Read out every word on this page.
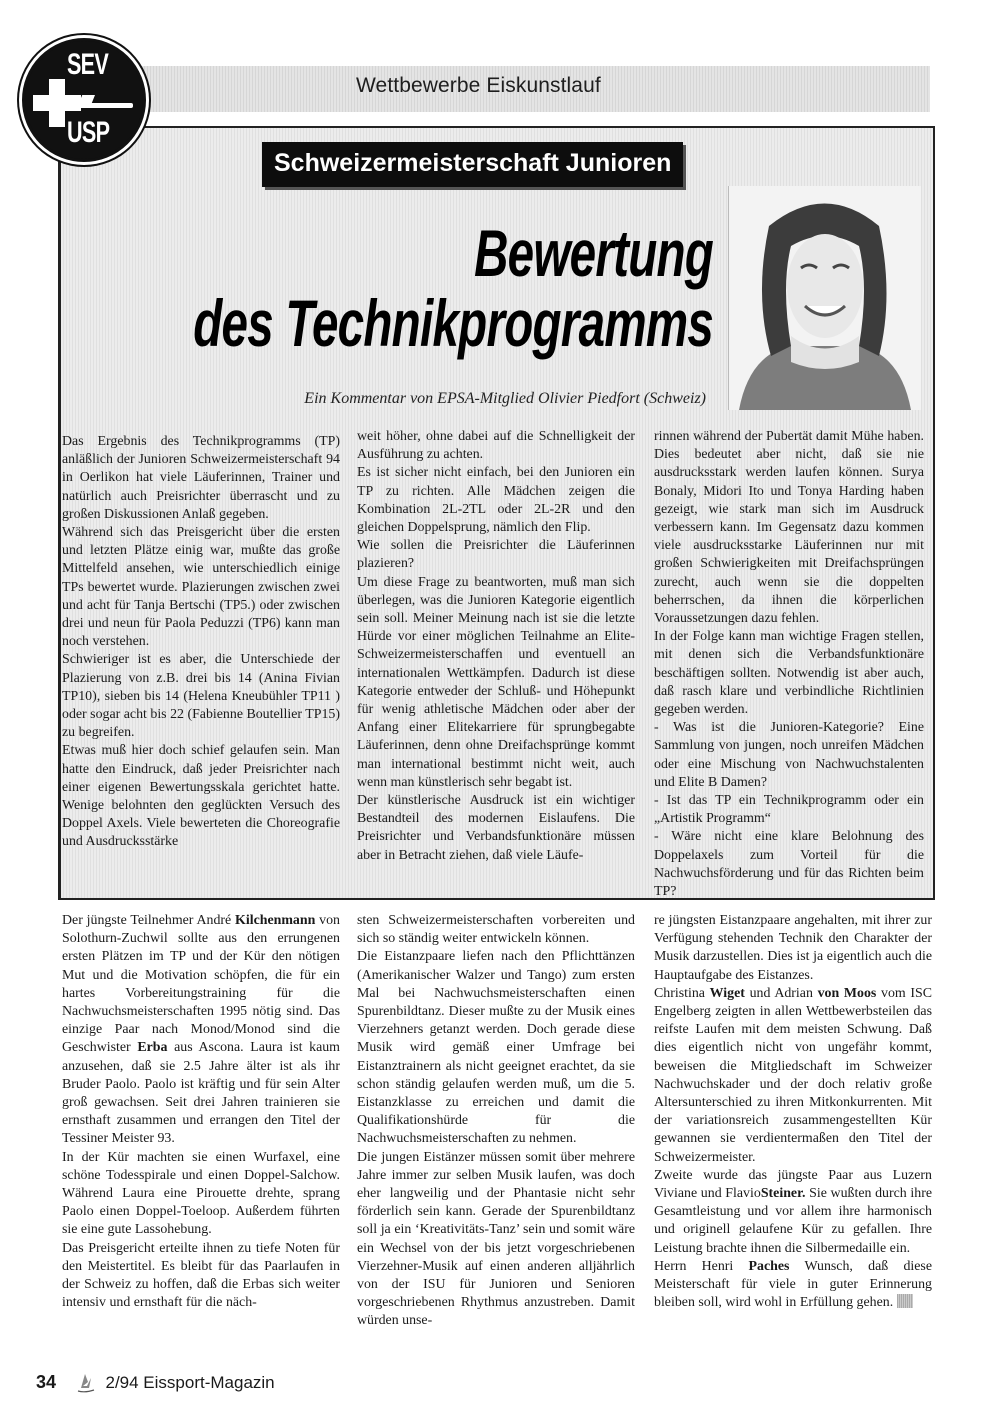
Wettbewerbe Eiskunstlauf
SEV
USP
Schweizermeisterschaft Junioren
Bewertung
des Technikprogramms
Ein Kommentar von EPSA-Mitglied Olivier Piedfort (Schweiz)

Das Ergebnis des Technikprogramms (TP) anläßlich der Junioren Schweizermeisterschaft 94 in Oerlikon hat viele Läuferinnen, Trainer und natürlich auch Preisrichter überrascht und zu großen Diskussionen Anlaß gegeben.

Während sich das Preisgericht über die ersten und letzten Plätze einig war, mußte das große Mittelfeld ansehen, wie unterschiedlich einige TPs bewertet wurde. Plazierungen zwischen zwei und acht für Tanja Bertschi (TP5.) oder zwischen drei und neun für Paola Peduzzi (TP6) kann man noch verstehen.

Schwieriger ist es aber, die Unterschiede der Plazierung von z.B. drei bis 14 (Anina Fivian TP10), sieben bis 14 (Helena Kneubühler TP11 ) oder sogar acht bis 22 (Fabienne Boutellier TP15) zu begreifen.

Etwas muß hier doch schief gelaufen sein. Man hatte den Eindruck, daß jeder Preisrichter nach einer eigenen Bewertungsskala gerichtet hatte. Wenige belohnten den geglückten Versuch des Doppel Axels. Viele bewerteten die Choreografie und Ausdrucksstärke

weit höher, ohne dabei auf die Schnelligkeit der Ausführung zu achten.

Es ist sicher nicht einfach, bei den Junioren ein TP zu richten. Alle Mädchen zeigen die Kombination 2L-2TL oder 2L-2R und den gleichen Doppelsprung, nämlich den Flip.

Wie sollen die Preisrichter die Läuferinnen plazieren?

Um diese Frage zu beantworten, muß man sich überlegen, was die Junioren Kategorie eigentlich sein soll. Meiner Meinung nach ist sie die letzte Hürde vor einer möglichen Teilnahme an Elite-Schweizermeisterschaffen und eventuell an internationalen Wettkämpfen. Dadurch ist diese Kategorie entweder der Schluß- und Höhepunkt für wenig athletische Mädchen oder aber der Anfang einer Elitekarriere für sprungbegabte Läuferinnen, denn ohne Dreifachsprünge kommt man international bestimmt nicht weit, auch wenn man künstlerisch sehr begabt ist.

Der künstlerische Ausdruck ist ein wichtiger Bestandteil des modernen Eislaufens. Die Preisrichter und Verbandsfunktionäre müssen aber in Betracht ziehen, daß viele Läufe-

rinnen während der Pubertät damit Mühe haben. Dies bedeutet aber nicht, daß sie nie ausdrucksstark werden laufen können. Surya Bonaly, Midori Ito und Tonya Harding haben gezeigt, wie stark man sich im Ausdruck verbessern kann. Im Gegensatz dazu kommen viele ausdrucksstarke Läuferinnen nur mit großen Schwierigkeiten mit Dreifachsprüngen zurecht, auch wenn sie die doppelten beherrschen, da ihnen die körperlichen Voraussetzungen dazu fehlen.

In der Folge kann man wichtige Fragen stellen, mit denen sich die Verbandsfunktionäre beschäftigen sollten. Notwendig ist aber auch, daß rasch klare und verbindliche Richtlinien gegeben werden.

- Was ist die Junioren-Kategorie? Eine Sammlung von jungen, noch unreifen Mädchen oder eine Mischung von Nachwuchstalenten und Elite B Damen?

- Ist das TP ein Technikprogramm oder ein „Artistik Programm“

- Wäre nicht eine klare Belohnung des Doppelaxels zum Vorteil für die Nachwuchsförderung und für das Richten beim TP?

Der jüngste Teilnehmer André Kilchenmann von Solothurn-Zuchwil sollte aus den errungenen ersten Plätzen im TP und der Kür den nötigen Mut und die Motivation schöpfen, die für ein hartes Vorbereitungstraining für die Nachwuchsmeisterschaften 1995 nötig sind. Das einzige Paar nach Monod/Monod sind die Geschwister Erba aus Ascona. Laura ist kaum anzusehen, daß sie 2.5 Jahre älter ist als ihr Bruder Paolo. Paolo ist kräftig und für sein Alter groß gewachsen. Seit drei Jahren trainieren sie ernsthaft zusammen und errangen den Titel der Tessiner Meister 93.

In der Kür machten sie einen Wurfaxel, eine schöne Todesspirale und einen Doppel-Salchow. Während Laura eine Pirouette drehte, sprang Paolo einen Doppel-Toeloop. Außerdem führten sie eine gute Lassohebung.

Das Preisgericht erteilte ihnen zu tiefe Noten für den Meistertitel. Es bleibt für das Paarlaufen in der Schweiz zu hoffen, daß die Erbas sich weiter intensiv und ernsthaft für die näch-

sten Schweizermeisterschaften vorbereiten und sich so ständig weiter entwickeln können.

Die Eistanzpaare liefen nach den Pflichttänzen (Amerikanischer Walzer und Tango) zum ersten Mal bei Nachwuchsmeisterschaften einen Spurenbildtanz. Dieser mußte zu der Musik eines Vierzehners getanzt werden. Doch gerade diese Musik wird gemäß einer Umfrage bei Eistanztrainern als nicht geeignet erachtet, da sie schon ständig gelaufen werden muß, um die 5. Eistanzklasse zu erreichen und damit die Qualifikationshürde für die Nachwuchsmeisterschaften zu nehmen.

Die jungen Eistänzer müssen somit über mehrere Jahre immer zur selben Musik laufen, was doch eher langweilig und der Phantasie nicht sehr förderlich sein kann. Gerade der Spurenbildtanz soll ja ein ‘Kreativitäts-Tanz’ sein und somit wäre ein Wechsel von der bis jetzt vorgeschriebenen Vierzehner-Musik auf einen anderen alljährlich von der ISU für Junioren und Senioren vorgeschriebenen Rhythmus anzustreben. Damit würden unse-

re jüngsten Eistanzpaare angehalten, mit ihrer zur Verfügung stehenden Technik den Charakter der Musik darzustellen. Dies ist ja eigentlich auch die Hauptaufgabe des Eistanzes.

Christina Wiget und Adrian von Moos vom ISC Engelberg zeigten in allen Wettbewerbsteilen das reifste Laufen mit dem meisten Schwung. Daß dies eigentlich nicht von ungefähr kommt, beweisen die Mitgliedschaft im Schweizer Nachwuchskader und der doch relativ große Altersunterschied zu ihren Mitkonkurrenten. Mit der variationsreich zusammengestellten Kür gewannen sie verdientermaßen den Titel der Schweizermeister.

Zweite wurde das jüngste Paar aus Luzern Viviane und FlavioSteiner. Sie wußten durch ihre Gesamtleistung und vor allem ihre harmonisch und originell gelaufene Kür zu gefallen. Ihre Leistung brachte ihnen die Silbermedaille ein.

Herrn Henri Paches Wunsch, daß diese Meisterschaft für viele in guter Erinnerung bleiben soll, wird wohl in Erfüllung gehen.

34	2/94 Eissport-Magazin
